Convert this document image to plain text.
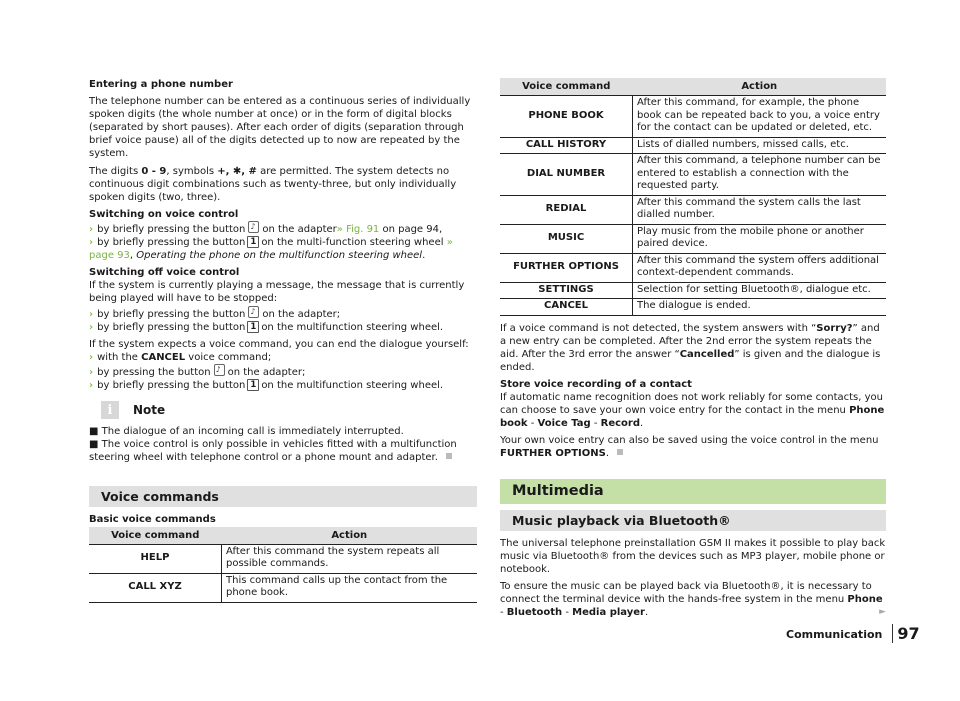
Entering a phone number
The telephone number can be entered as a continuous series of individually spoken digits (the whole number at once) or in the form of digital blocks (separated by short pauses). After each order of digits (separation through brief voice pause) all of the digits detected up to now are repeated by the system.
The digits 0 - 9, symbols +, ✱, # are permitted. The system detects no continuous digit combinations such as twenty-three, but only individually spoken digits (two, three).
Switching on voice control
› by briefly pressing the button ♪ on the adapter» Fig. 91 on page 94,
› by briefly pressing the button 1 on the multi-function steering wheel » page 93, Operating the phone on the multifunction steering wheel.
Switching off voice control
If the system is currently playing a message, the message that is currently being played will have to be stopped:
› by briefly pressing the button ♪ on the adapter;
› by briefly pressing the button 1 on the multifunction steering wheel.
If the system expects a voice command, you can end the dialogue yourself:
› with the CANCEL voice command;
› by pressing the button ♪ on the adapter;
› by briefly pressing the button 1 on the multifunction steering wheel.
i	Note
■ The dialogue of an incoming call is immediately interrupted.
■ The voice control is only possible in vehicles fitted with a multifunction steering wheel with telephone control or a phone mount and adapter.
Voice commands
Basic voice commands
Voice command	Action
HELP	After this command the system repeats all possible commands.
CALL XYZ	This command calls up the contact from the phone book.
Voice command	Action
PHONE BOOK	After this command, for example, the phone book can be repeated back to you, a voice entry for the contact can be updated or deleted, etc.
CALL HISTORY	Lists of dialled numbers, missed calls, etc.
DIAL NUMBER	After this command, a telephone number can be entered to establish a connection with the requested party.
REDIAL	After this command the system calls the last dialled number.
MUSIC	Play music from the mobile phone or another paired device.
FURTHER OPTIONS	After this command the system offers additional context-dependent commands.
SETTINGS	Selection for setting Bluetooth®, dialogue etc.
CANCEL	The dialogue is ended.
If a voice command is not detected, the system answers with “Sorry?” and a new entry can be completed. After the 2nd error the system repeats the aid. After the 3rd error the answer “Cancelled” is given and the dialogue is ended.
Store voice recording of a contact
If automatic name recognition does not work reliably for some contacts, you can choose to save your own voice entry for the contact in the menu Phone book - Voice Tag - Record.
Your own voice entry can also be saved using the voice control in the menu FURTHER OPTIONS.
Multimedia
Music playback via Bluetooth®
The universal telephone preinstallation GSM II makes it possible to play back music via Bluetooth® from the devices such as MP3 player, mobile phone or notebook.
To ensure the music can be played back via Bluetooth®, it is necessary to connect the terminal device with the hands-free system in the menu Phone - Bluetooth - Media player.	►
Communication 97
